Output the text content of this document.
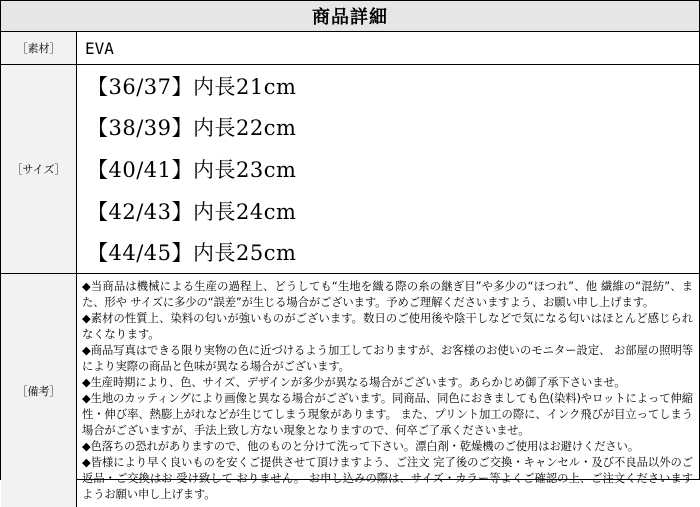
商品詳細
［素材］	EVA
［サイズ］
【36/37】内長21cm
【38/39】内長22cm
【40/41】内長23cm
【42/43】内長24cm
【44/45】内長25cm
［備考］
◆当商品は機械による生産の過程上、どうしても“生地を織る際の糸の継ぎ目”や多少の“ほつれ”、他 繊維の“混紡”、また、形や サイズに多少の“誤差”が生じる場合がございます。予めご理解くださいますよう、お願い申し上げます。
◆素材の性質上、染料の匂いが強いものがございます。数日のご使用後や陰干しなどで気になる匂いはほとんど感じられなくなります。
◆商品写真はできる限り実物の色に近づけるよう加工しておりますが、お客様のお使いのモニター設定、 お部屋の照明等により実際の商品と色味が異なる場合がございます。
◆生産時期により、色、サイズ、デザインが多少が異なる場合がございます。あらかじめ御了承下さいませ。
◆生地のカッティングにより画像と異なる場合がございます。同商品、同色におきましても色(染料)やロットによって伸縮性・伸び率、熱膨上がれなどが生じてしまう現象があります。 また、プリント加工の際に、インク飛びが目立ってしまう場合がございますが、手法上致し方ない現象となりますので、何卒ご了承くださいませ。
◆色落ちの恐れがありますので、他のものと分けて洗って下さい。漂白剤・乾燥機のご使用はお避けください。
◆皆様により早く良いものを安くご提供させて頂けますよう、ご注文 完了後のご交換・キャンセル・及び不良品以外のご返品・ご交換はお 受け致して おりません。 お申し込みの際は、サイズ・カラー等よくご確認の上、ご注文くださいますようお願い申し上げます。
